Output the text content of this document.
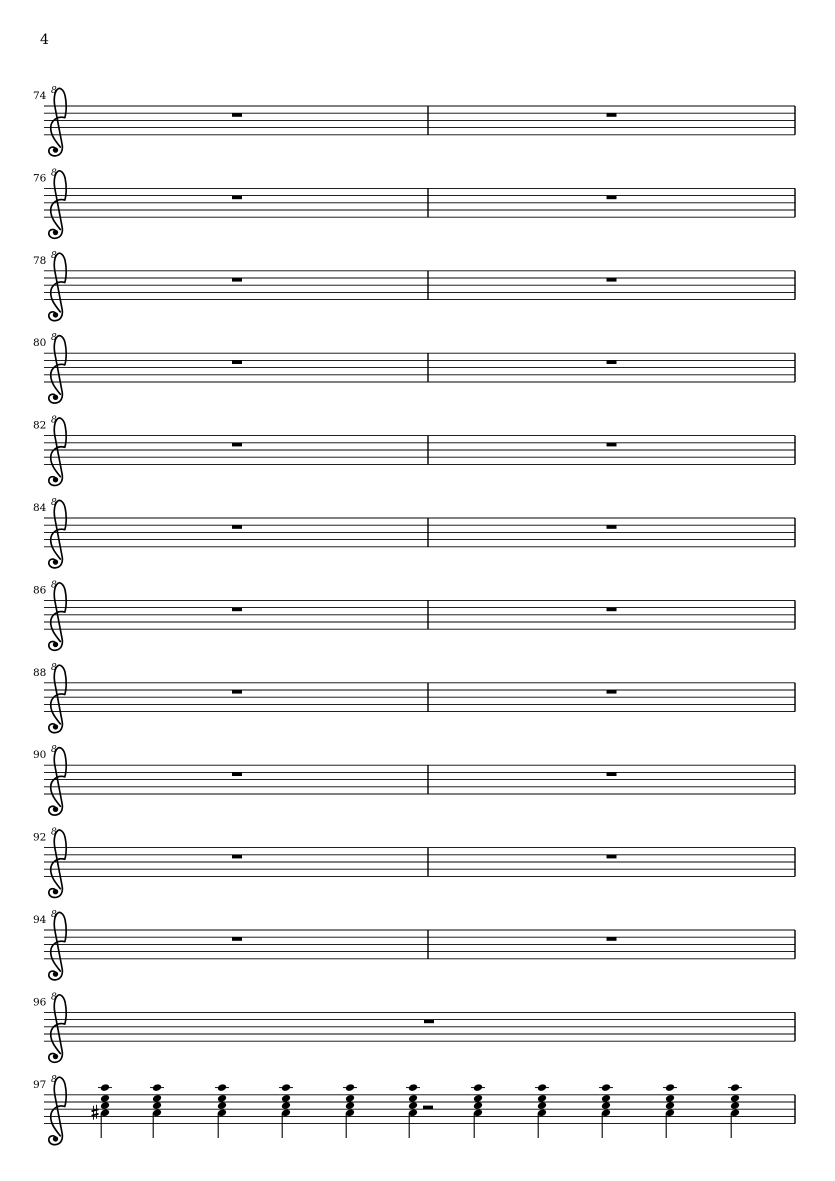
4
74 8
76 8
78 8
80 8
82 8
84 8
86 8
88 8
90 8
92 8
94 8
96 8
97 8
